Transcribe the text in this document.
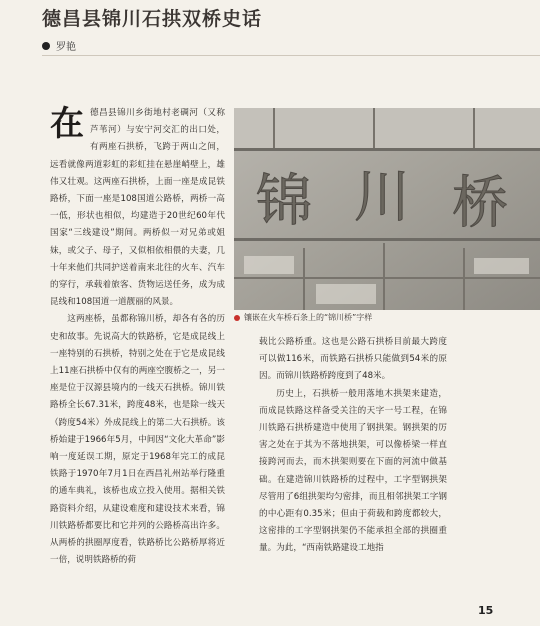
德昌县锦川石拱双桥史话
罗艳

在 德昌县锦川乡街地村老碉河（又称芦苇河）与安宁河交汇的出口处，有两座石拱桥，飞跨于两山之间，远看就像两道彩虹的彩虹挂在悬崖峭壁上，雄伟又壮观。这两座石拱桥，上面一座是成昆铁路桥，下面一座是108国道公路桥，两桥一高一低，形状也相似，均建造于20世纪60年代国家“三线建设”期间。两桥似一对兄弟或姐妹，或父子、母子，又似相依相偎的夫妻，几十年来他们共同护送着南来北往的火车、汽车的穿行，承载着旅客、货物运送任务，成为成昆线和108国道一道靓丽的风景。

这两座桥，虽都称锦川桥，却各有各的历史和故事。先说高大的铁路桥，它是成昆线上一座特别的石拱桥，特别之处在于它是成昆线上11座石拱桥中仅有的两座空腹桥之一，另一座是位于汉源县境内的一线天石拱桥。锦川铁路桥全长67.31米，跨度48米，也是除一线天（跨度54米）外成昆线上的第二大石拱桥。该桥始建于1966年5月，中间因“文化大革命”影响一度延误工期，原定于1968年完工的成昆铁路于1970年7月1日在西昌礼州站举行隆重的通车典礼，该桥也成立投入使用。据相关铁路资料介绍，从建设难度和建设技术来看，锦川铁路桥都要比和它并列的公路桥高出许多。从两桥的拱圈厚度看，铁路桥比公路桥厚将近一倍，说明铁路桥的荷

锦 川 桥
镶嵌在火车桥石条上的“锦川桥”字样

载比公路桥重。这也是公路石拱桥目前最大跨度可以做116米，而铁路石拱桥只能做到54米的原因。而锦川铁路桥跨度到了48米。

历史上，石拱桥一般用落地木拱架来建造，而成昆铁路这样备受关注的天字一号工程，在锦川铁路石拱桥建造中使用了钢拱架。钢拱架的厉害之处在于其为不落地拱架，可以像桥梁一样直接跨河而去，而木拱架则要在下面的河流中做基础。在建造锦川铁路桥的过程中，工字型钢拱架尽管用了6组拱架均匀密排，而且相邻拱架工字钢的中心距有0.35米；但由于荷载和跨度都较大，这密排的工字型钢拱架仍不能承担全部的拱圈重量。为此，“西南铁路建设工地指

15
